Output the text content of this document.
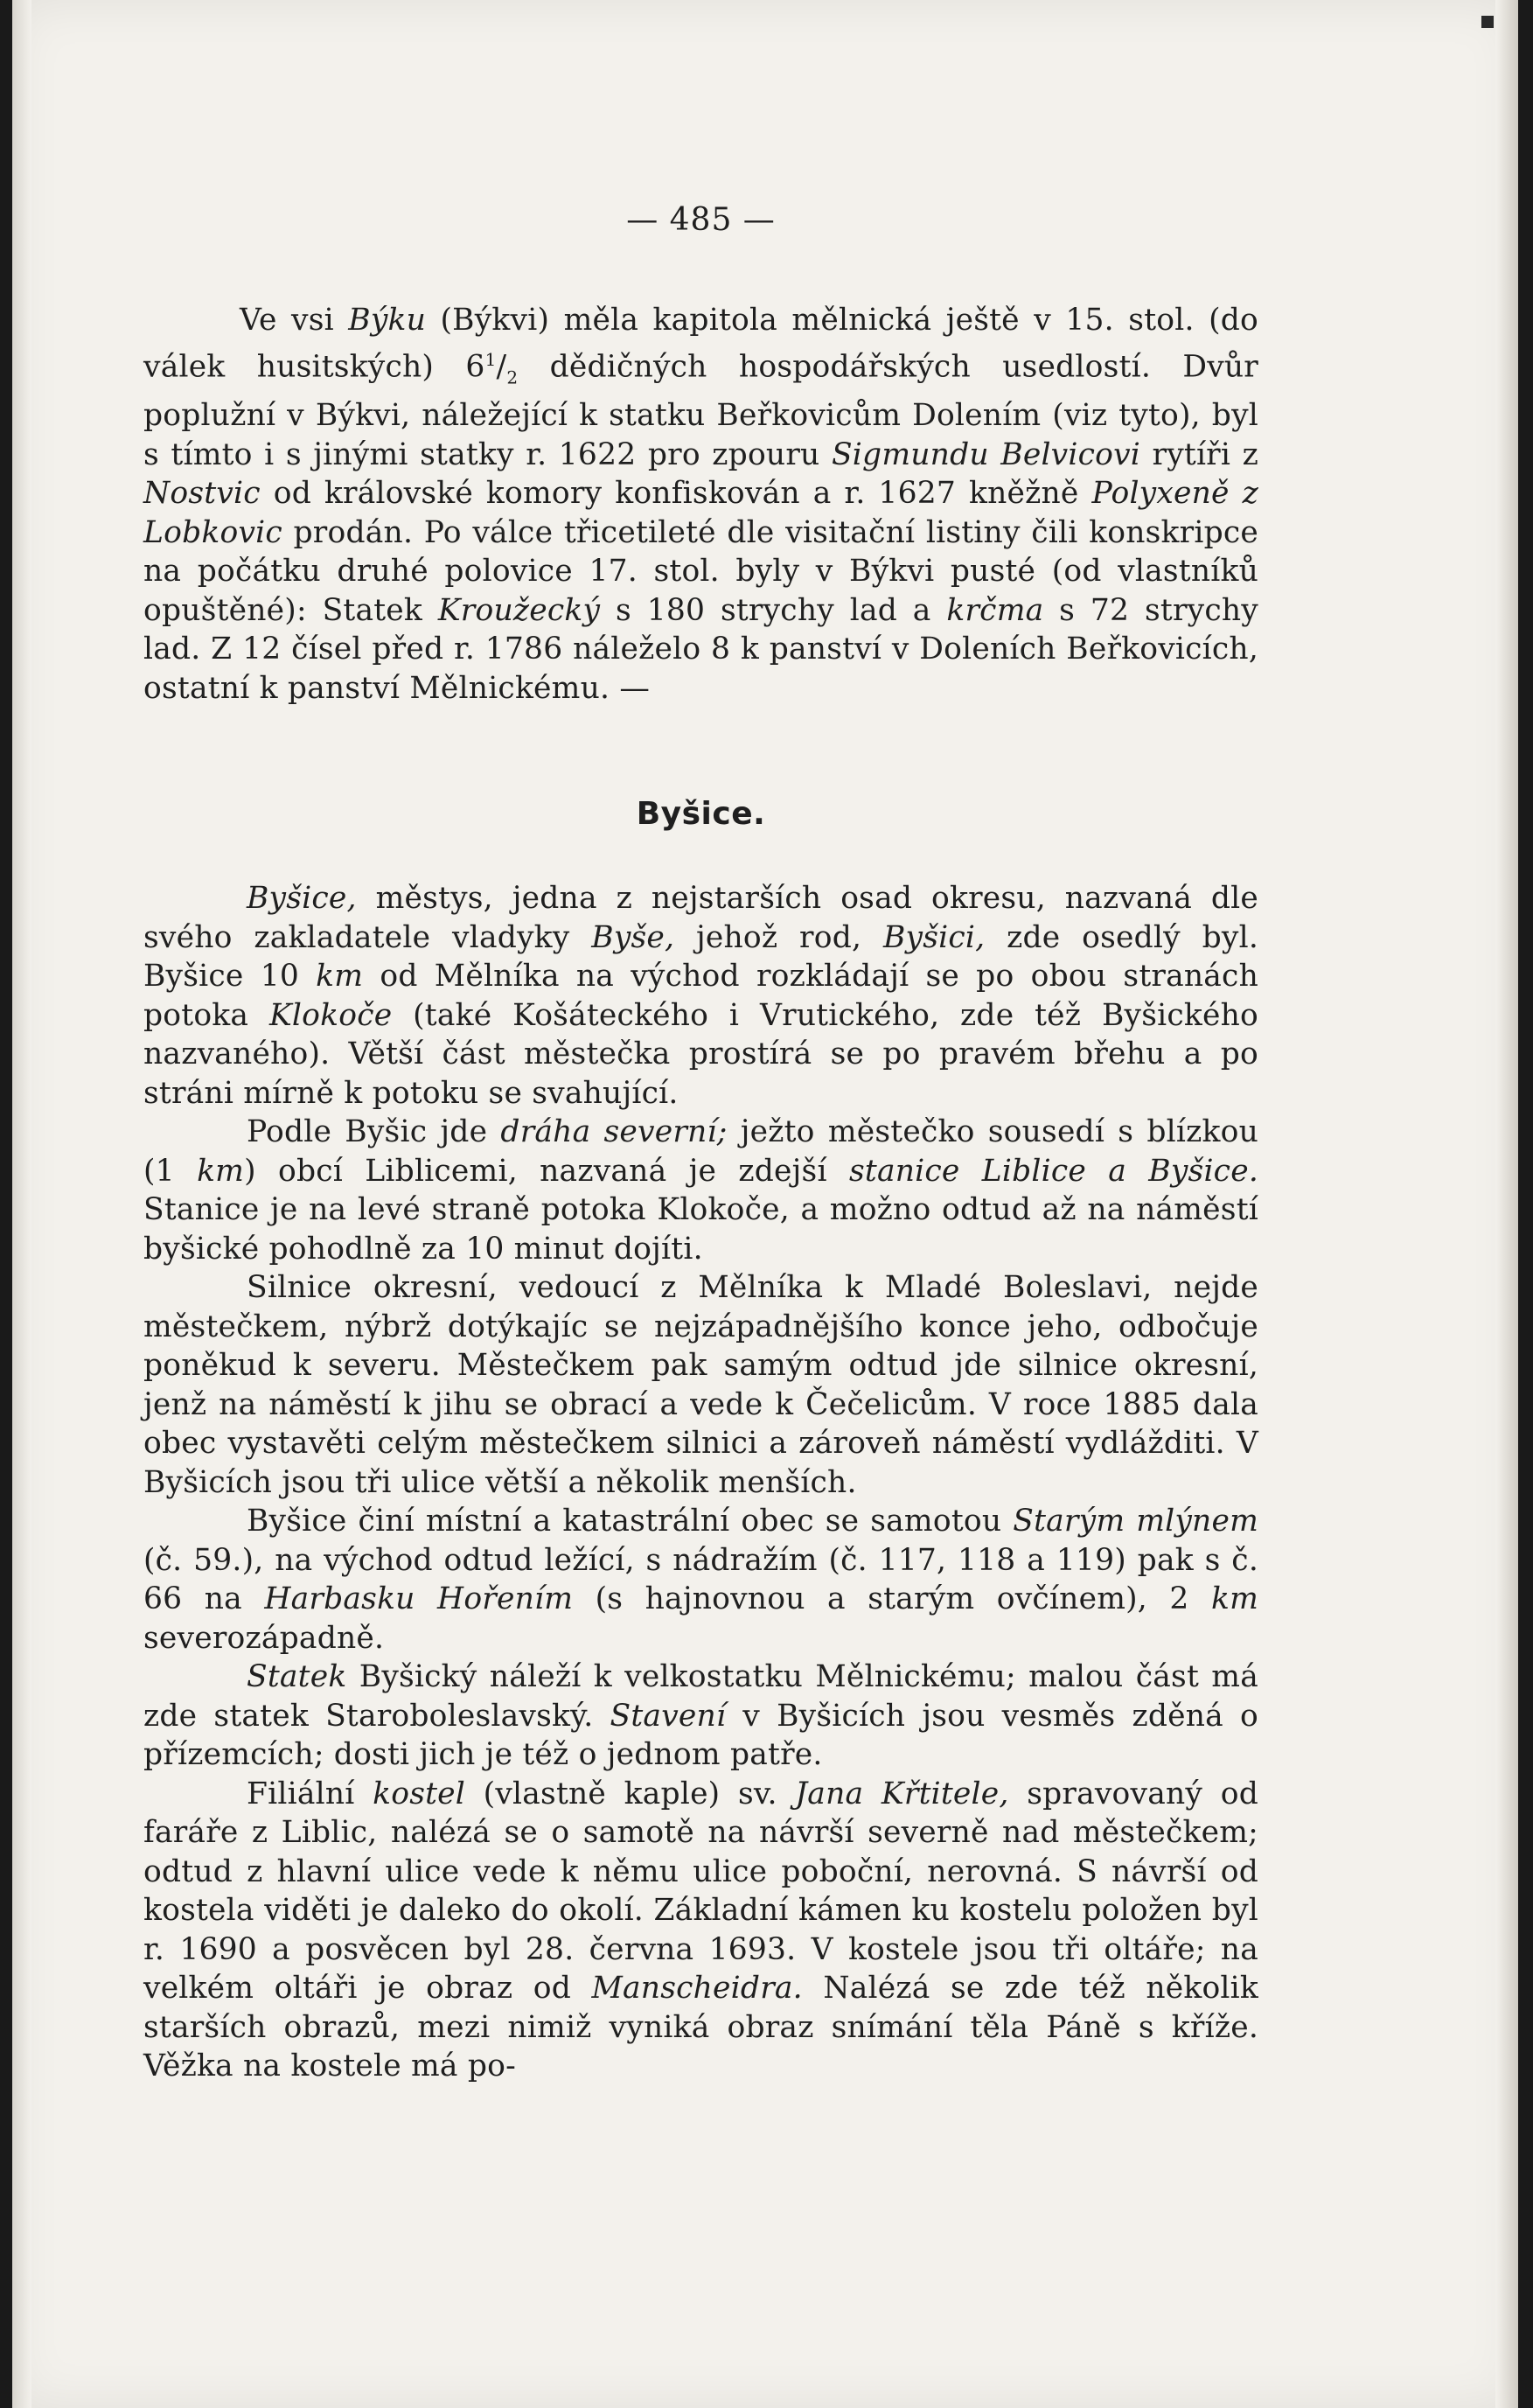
— 485 —

Ve vsi Býku (Býkvi) měla kapitola mělnická ještě v 15. stol. (do válek husitských) $6^1/_2$ dědičných hospodářských usedlostí. Dvůr poplužní v Býkvi, náležející k statku Beřkovicům Dolením (viz tyto), byl s tímto i s jinými statky r. 1622 pro zpouru Sigmundu Belvicovi rytíři z Nostvic od královské komory konfiskován a r. 1627 kněžně Polyxeně z Lobkovic prodán. Po válce třicetileté dle visitační listiny čili konskripce na počátku druhé polovice 17. stol. byly v Býkvi pusté (od vlastníků opuštěné): Statek Kroužecký s 180 strychy lad a krčma s 72 strychy lad. Z 12 čísel před r. 1786 náleželo 8 k panství v Doleních Beřkovicích, ostatní k panství Mělnickému. —

Byšice.

Byšice, městys, jedna z nejstarších osad okresu, nazvaná dle svého zakladatele vladyky Byše, jehož rod, Byšici, zde osedlý byl. Byšice 10 km od Mělníka na východ rozkládají se po obou stranách potoka Klokoče (také Košáteckého i Vrutického, zde též Byšického nazvaného). Větší část městečka prostírá se po pravém břehu a po stráni mírně k potoku se svahující.

Podle Byšic jde dráha severní; ježto městečko sousedí s blízkou (1 km) obcí Liblicemi, nazvaná je zdejší stanice Liblice a Byšice. Stanice je na levé straně potoka Klokoče, a možno odtud až na náměstí byšické pohodlně za 10 minut dojíti.

Silnice okresní, vedoucí z Mělníka k Mladé Boleslavi, nejde městečkem, nýbrž dotýkajíc se nejzápadnějšího konce jeho, odbočuje poněkud k severu. Městečkem pak samým odtud jde silnice okresní, jenž na náměstí k jihu se obrací a vede k Čečelicům. V roce 1885 dala obec vystavěti celým městečkem silnici a zároveň náměstí vydlážditi. V Byšicích jsou tři ulice větší a několik menších.

Byšice činí místní a katastrální obec se samotou Starým mlýnem (č. 59.), na východ odtud ležící, s nádražím (č. 117, 118 a 119) pak s č. 66 na Harbasku Hořením (s hajnovnou a starým ovčínem), 2 km severozápadně.

Statek Byšický náleží k velkostatku Mělnickému; malou část má zde statek Staroboleslavský. Stavení v Byšicích jsou vesměs zděná o přízemcích; dosti jich je též o jednom patře.

Filiální kostel (vlastně kaple) sv. Jana Křtitele, spravovaný od faráře z Liblic, nalézá se o samotě na návrší severně nad městečkem; odtud z hlavní ulice vede k němu ulice poboční, nerovná. S návrší od kostela viděti je daleko do okolí. Základní kámen ku kostelu položen byl r. 1690 a posvěcen byl 28. června 1693. V kostele jsou tři oltáře; na velkém oltáři je obraz od Manscheidra. Nalézá se zde též několik starších obrazů, mezi nimiž vyniká obraz snímání těla Páně s kříže. Věžka na kostele má po-
